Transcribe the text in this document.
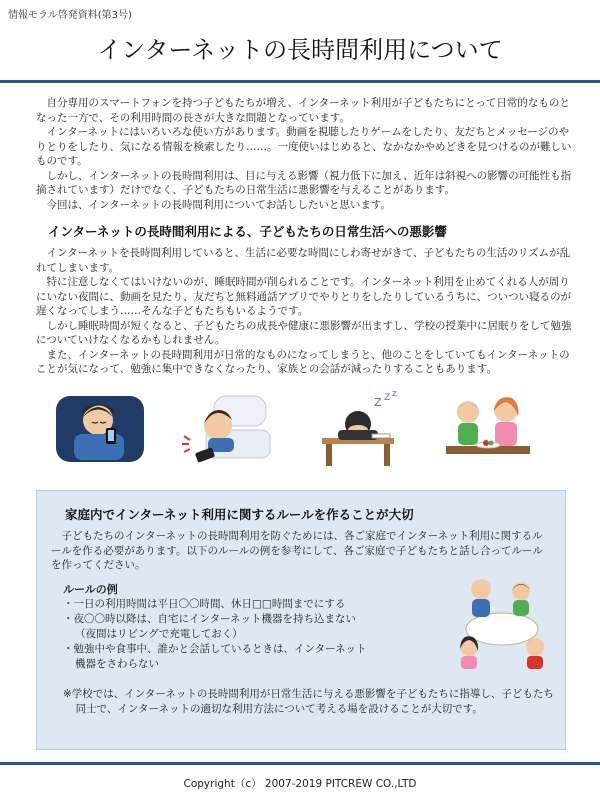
情報モラル啓発資料(第3号)
インターネットの長時間利用について

自分専用のスマートフォンを持つ子どもたちが増え、インターネット利用が子どもたちにとって日常的なものとなった一方で、その利用時間の長さが大きな問題となっています。

インターネットにはいろいろな使い方があります。動画を視聴したりゲームをしたり、友だちとメッセージのやりとりをしたり、気になる情報を検索したり……。一度使いはじめると、なかなかやめどきを見つけるのが難しいものです。

しかし、インターネットの長時間利用は、目に与える影響（視力低下に加え、近年は斜視への影響の可能性も指摘されています）だけでなく、子どもたちの日常生活に悪影響を与えることがあります。

今回は、インターネットの長時間利用についてお話ししたいと思います。

インターネットの長時間利用による、子どもたちの日常生活への悪影響

インターネットを長時間利用していると、生活に必要な時間にしわ寄せがきて、子どもたちの生活のリズムが乱れてしまいます。

特に注意しなくてはいけないのが、睡眠時間が削られることです。インターネット利用を止めてくれる人が周りにいない夜間に、動画を見たり、友だちと無料通話アプリでやりとりをしたりしているうちに、ついつい寝るのが遅くなってしまう……そんな子どもたちもいるようです。

しかし睡眠時間が短くなると、子どもたちの成長や健康に悪影響が出ますし、学校の授業中に居眠りをして勉強についていけなくなるかもしれません。

また、インターネットの長時間利用が日常的なものになってしまうと、他のことをしていてもインターネットのことが気になって、勉強に集中できなくなったり、家族との会話が減ったりすることもあります。

Z Z Z
家庭内でインターネット利用に関するルールを作ることが大切

子どもたちのインターネットの長時間利用を防ぐためには、各ご家庭でインターネット利用に関するルールを作る必要があります。以下のルールの例を参考にして、各ご家庭で子どもたちと話し合ってルールを作ってください。

ルールの例
・一日の利用時間は平日〇〇時間、休日□□時間までにする
・夜〇〇時以降は、自宅にインターネット機器を持ち込まない
（夜間はリビングで充電しておく）
・勉強中や食事中、誰かと会話しているときは、インターネット
機器をさわらない

※学校では、インターネットの長時間利用が日常生活に与える悪影響を子どもたちに指導し、子どもたち同士で、インターネットの適切な利用方法について考える場を設けることが大切です。

Copyright（c） 2007-2019 PITCREW CO.,LTD
